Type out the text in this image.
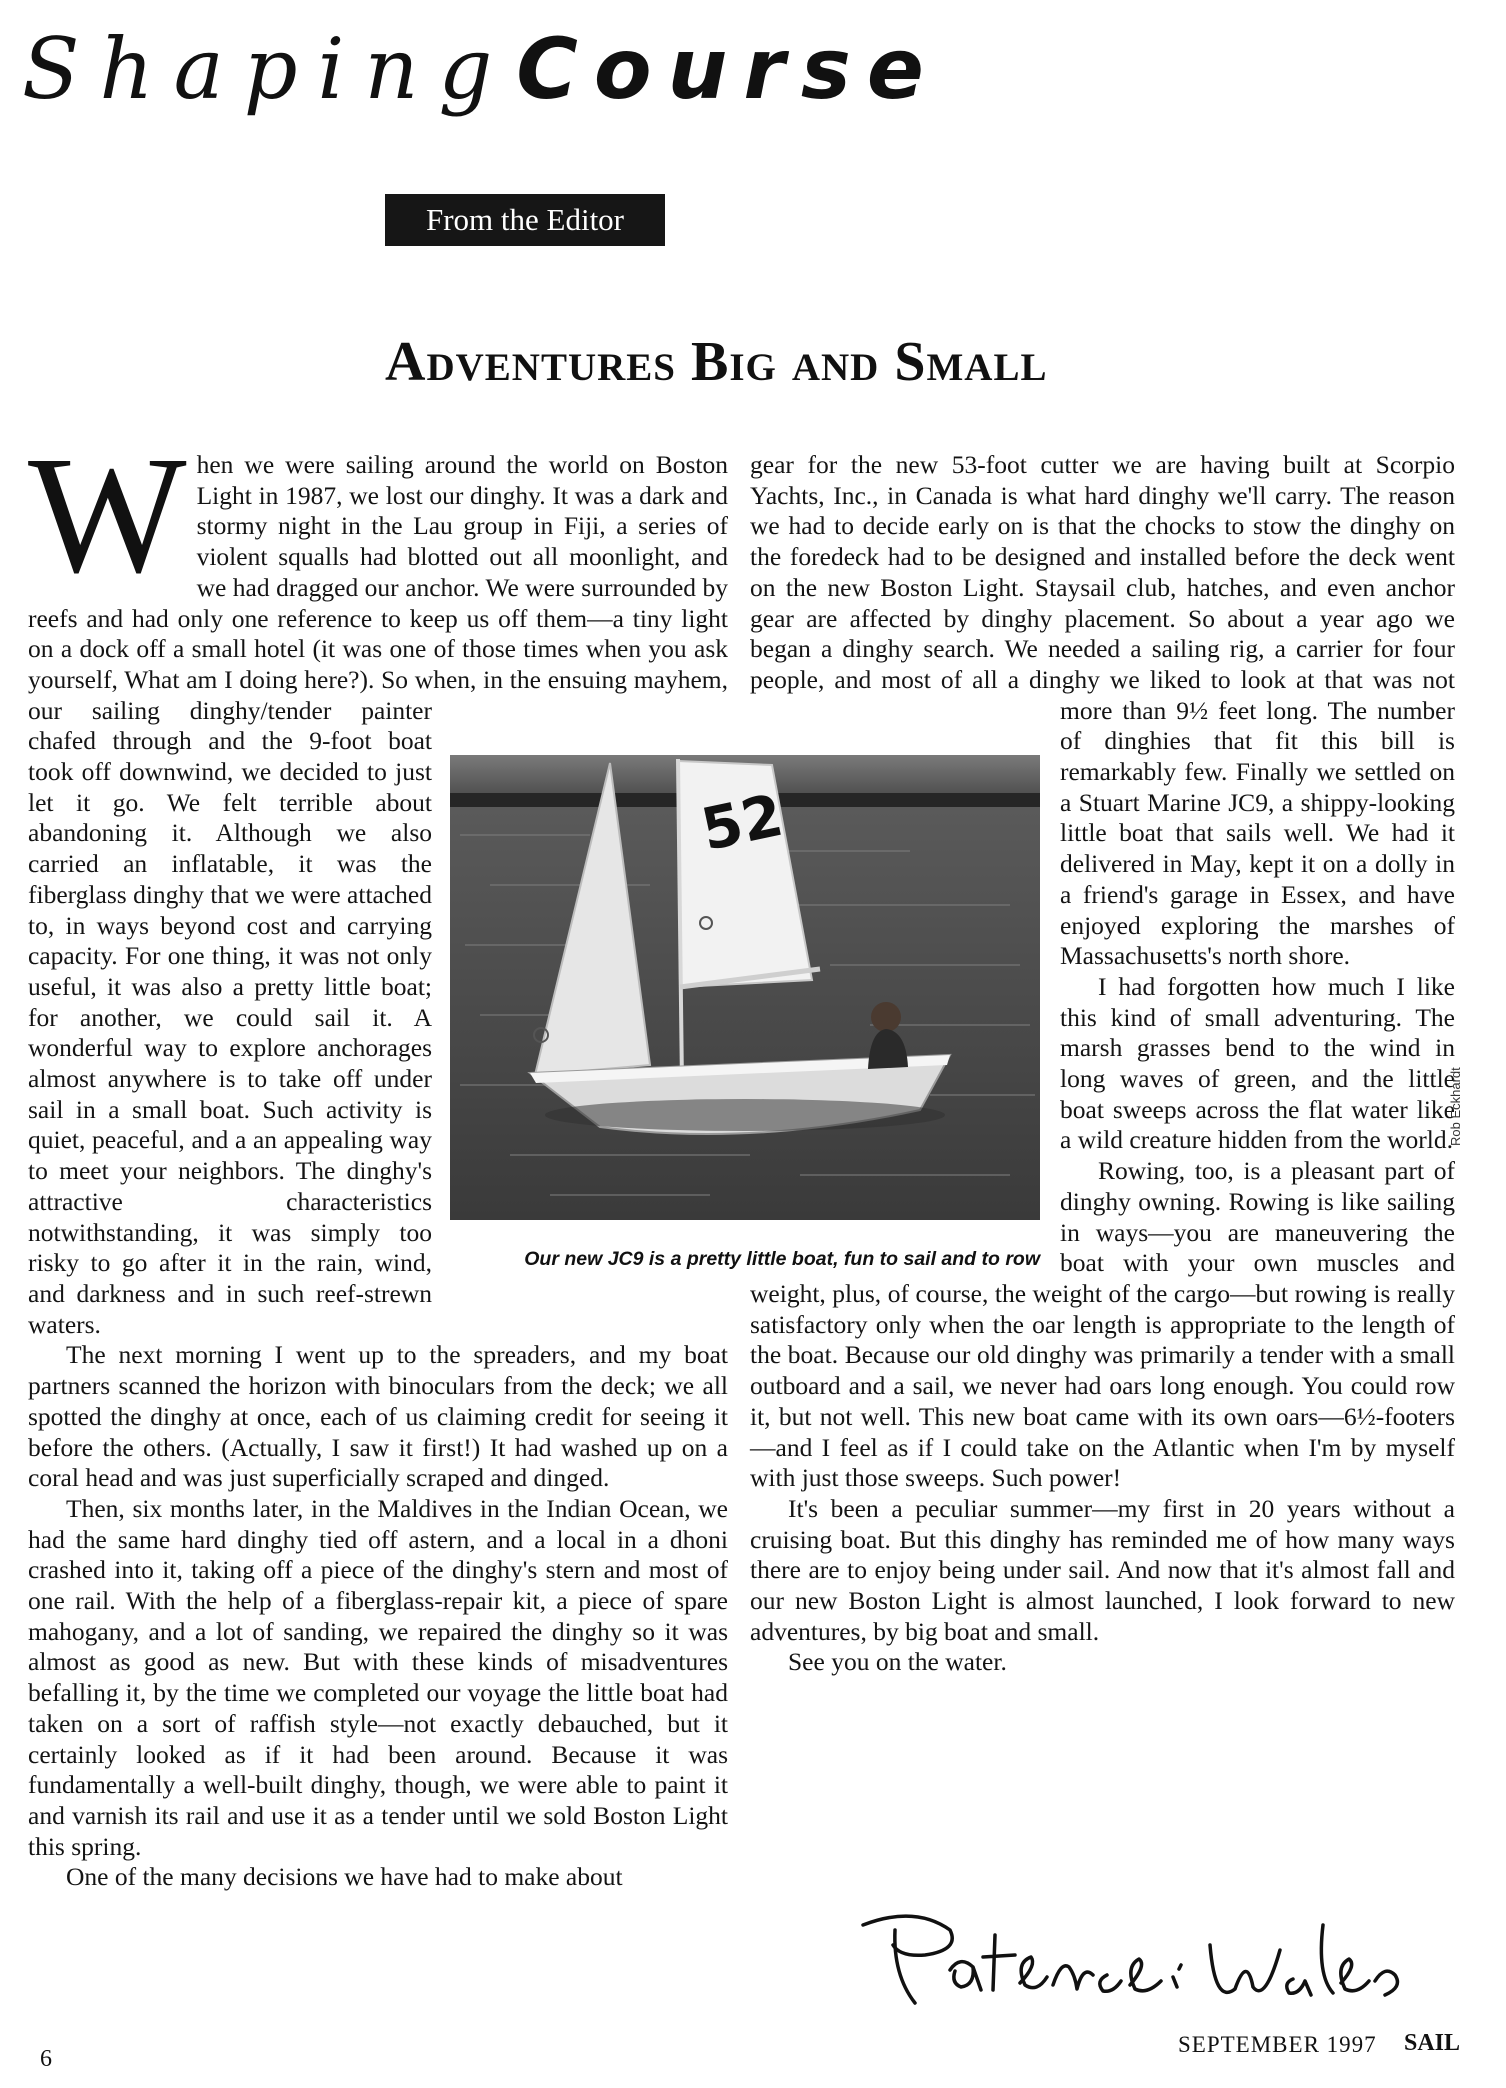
Shaping Course
From the Editor
Adventures Big and Small
W hen we were sailing around the world on Boston Light in 1987, we lost our dinghy. It was a dark and stormy night in the Lau group in Fiji, a series of violent squalls had blotted out all moonlight, and we had dragged our anchor. We were surrounded by reefs and had only one reference to keep us off them—a tiny light on a dock off a small hotel (it was one of those times when you ask yourself, What am I doing here?). So when, in the ensuing mayhem, our sailing dinghy/tender painter chafed through and the 9-foot boat took off downwind, we decided to just let it go. We felt terrible about abandoning it. Although we also carried an inflatable, it was the fiberglass dinghy that we were attached to, in ways beyond cost and carrying capacity. For one thing, it was not only useful, it was also a pretty little boat; for another, we could sail it. A wonderful way to explore anchorages almost anywhere is to take off under sail in a small boat. Such activity is quiet, peaceful, and a an appealing way to meet your neighbors. The dinghy's attractive characteristics notwithstanding, it was simply too risky to go after it in the rain, wind, and darkness and in such reef-strewn waters.

The next morning I went up to the spreaders, and my boat partners scanned the horizon with binoculars from the deck; we all spotted the dinghy at once, each of us claiming credit for seeing it before the others. (Actually, I saw it first!) It had washed up on a coral head and was just superficially scraped and dinged.

Then, six months later, in the Maldives in the Indian Ocean, we had the same hard dinghy tied off astern, and a local in a dhoni crashed into it, taking off a piece of the dinghy's stern and most of one rail. With the help of a fiberglass-repair kit, a piece of spare mahogany, and a lot of sanding, we repaired the dinghy so it was almost as good as new. But with these kinds of misadventures befalling it, by the time we completed our voyage the little boat had taken on a sort of raffish style—not exactly debauched, but it certainly looked as if it had been around. Because it was fundamentally a well-built dinghy, though, we were able to paint it and varnish its rail and use it as a tender until we sold Boston Light this spring.

One of the many decisions we have had to make about

gear for the new 53-foot cutter we are having built at Scorpio Yachts, Inc., in Canada is what hard dinghy we'll carry. The reason we had to decide early on is that the chocks to stow the dinghy on the foredeck had to be designed and installed before the deck went on the new Boston Light. Staysail club, hatches, and even anchor gear are affected by dinghy placement. So about a year ago we began a dinghy search. We needed a sailing rig, a carrier for four people, and most of all a dinghy we liked to look at that was not more than 9½ feet long. The number of dinghies that fit this bill is remarkably few. Finally we settled on a Stuart Marine JC9, a shippy-looking little boat that sails well. We had it delivered in May, kept it on a dolly in a friend's garage in Essex, and have enjoyed exploring the marshes of Massachusetts's north shore.

I had forgotten how much I like this kind of small adventuring. The marsh grasses bend to the wind in long waves of green, and the little boat sweeps across the flat water like a wild creature hidden from the world.

Rowing, too, is a pleasant part of dinghy owning. Rowing is like sailing in ways—you are maneuvering the boat with your own muscles and weight, plus, of course, the weight of the cargo—but rowing is really satisfactory only when the oar length is appropriate to the length of the boat. Because our old dinghy was primarily a tender with a small outboard and a sail, we never had oars long enough. You could row it, but not well. This new boat came with its own oars—6½-footers—and I feel as if I could take on the Atlantic when I'm by myself with just those sweeps. Such power!

It's been a peculiar summer—my first in 20 years without a cruising boat. But this dinghy has reminded me of how many ways there are to enjoy being under sail. And now that it's almost fall and our new Boston Light is almost launched, I look forward to new adventures, by big boat and small.

See you on the water.

52
Our new JC9 is a pretty little boat, fun to sail and to row
Rob Eckhardt
6
SEPTEMBER 1997 SAIL
